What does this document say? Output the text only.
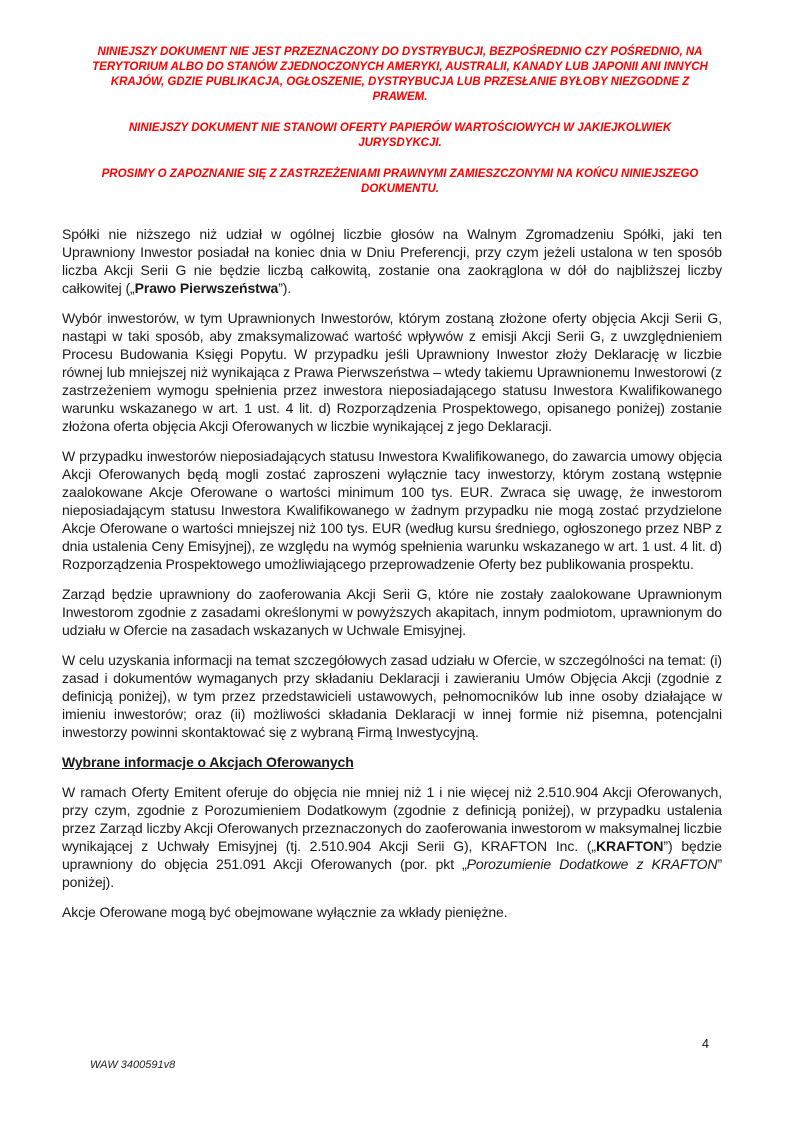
NINIEJSZY DOKUMENT NIE JEST PRZEZNACZONY DO DYSTRYBUCJI, BEZPOŚREDNIO CZY POŚREDNIO, NA TERYTORIUM ALBO DO STANÓW ZJEDNOCZONYCH AMERYKI, AUSTRALII, KANADY LUB JAPONII ANI INNYCH KRAJÓW, GDZIE PUBLIKACJA, OGŁOSZENIE, DYSTRYBUCJA LUB PRZESŁANIE BYŁOBY NIEZGODNE Z PRAWEM.

NINIEJSZY DOKUMENT NIE STANOWI OFERTY PAPIERÓW WARTOŚCIOWYCH W JAKIEJKOLWIEK JURYSDYKCJI.

PROSIMY O ZAPOZNANIE SIĘ Z ZASTRZEŻENIAMI PRAWNYMI ZAMIESZCZONYMI NA KOŃCU NINIEJSZEGO DOKUMENTU.

Spółki nie niższego niż udział w ogólnej liczbie głosów na Walnym Zgromadzeniu Spółki, jaki ten Uprawniony Inwestor posiadał na koniec dnia w Dniu Preferencji, przy czym jeżeli ustalona w ten sposób liczba Akcji Serii G nie będzie liczbą całkowitą, zostanie ona zaokrąglona w dół do najbliższej liczby całkowitej („Prawo Pierwszeństwa”).

Wybór inwestorów, w tym Uprawnionych Inwestorów, którym zostaną złożone oferty objęcia Akcji Serii G, nastąpi w taki sposób, aby zmaksymalizować wartość wpływów z emisji Akcji Serii G, z uwzględnieniem Procesu Budowania Księgi Popytu. W przypadku jeśli Uprawniony Inwestor złoży Deklarację w liczbie równej lub mniejszej niż wynikająca z Prawa Pierwszeństwa – wtedy takiemu Uprawnionemu Inwestorowi (z zastrzeżeniem wymogu spełnienia przez inwestora nieposiadającego statusu Inwestora Kwalifikowanego warunku wskazanego w art. 1 ust. 4 lit. d) Rozporządzenia Prospektowego, opisanego poniżej) zostanie złożona oferta objęcia Akcji Oferowanych w liczbie wynikającej z jego Deklaracji.

W przypadku inwestorów nieposiadających statusu Inwestora Kwalifikowanego, do zawarcia umowy objęcia Akcji Oferowanych będą mogli zostać zaproszeni wyłącznie tacy inwestorzy, którym zostaną wstępnie zaalokowane Akcje Oferowane o wartości minimum 100 tys. EUR. Zwraca się uwagę, że inwestorom nieposiadającym statusu Inwestora Kwalifikowanego w żadnym przypadku nie mogą zostać przydzielone Akcje Oferowane o wartości mniejszej niż 100 tys. EUR (według kursu średniego, ogłoszonego przez NBP z dnia ustalenia Ceny Emisyjnej), ze względu na wymóg spełnienia warunku wskazanego w art. 1 ust. 4 lit. d) Rozporządzenia Prospektowego umożliwiającego przeprowadzenie Oferty bez publikowania prospektu.

Zarząd będzie uprawniony do zaoferowania Akcji Serii G, które nie zostały zaalokowane Uprawnionym Inwestorom zgodnie z zasadami określonymi w powyższych akapitach, innym podmiotom, uprawnionym do udziału w Ofercie na zasadach wskazanych w Uchwale Emisyjnej.

W celu uzyskania informacji na temat szczegółowych zasad udziału w Ofercie, w szczególności na temat: (i) zasad i dokumentów wymaganych przy składaniu Deklaracji i zawieraniu Umów Objęcia Akcji (zgodnie z definicją poniżej), w tym przez przedstawicieli ustawowych, pełnomocników lub inne osoby działające w imieniu inwestorów; oraz (ii) możliwości składania Deklaracji w innej formie niż pisemna, potencjalni inwestorzy powinni skontaktować się z wybraną Firmą Inwestycyjną.

Wybrane informacje o Akcjach Oferowanych

W ramach Oferty Emitent oferuje do objęcia nie mniej niż 1 i nie więcej niż 2.510.904 Akcji Oferowanych, przy czym, zgodnie z Porozumieniem Dodatkowym (zgodnie z definicją poniżej), w przypadku ustalenia przez Zarząd liczby Akcji Oferowanych przeznaczonych do zaoferowania inwestorom w maksymalnej liczbie wynikającej z Uchwały Emisyjnej (tj. 2.510.904 Akcji Serii G), KRAFTON Inc. („KRAFTON”) będzie uprawniony do objęcia 251.091 Akcji Oferowanych (por. pkt „Porozumienie Dodatkowe z KRAFTON” poniżej).

Akcje Oferowane mogą być obejmowane wyłącznie za wkłady pieniężne.

4
WAW 3400591v8
